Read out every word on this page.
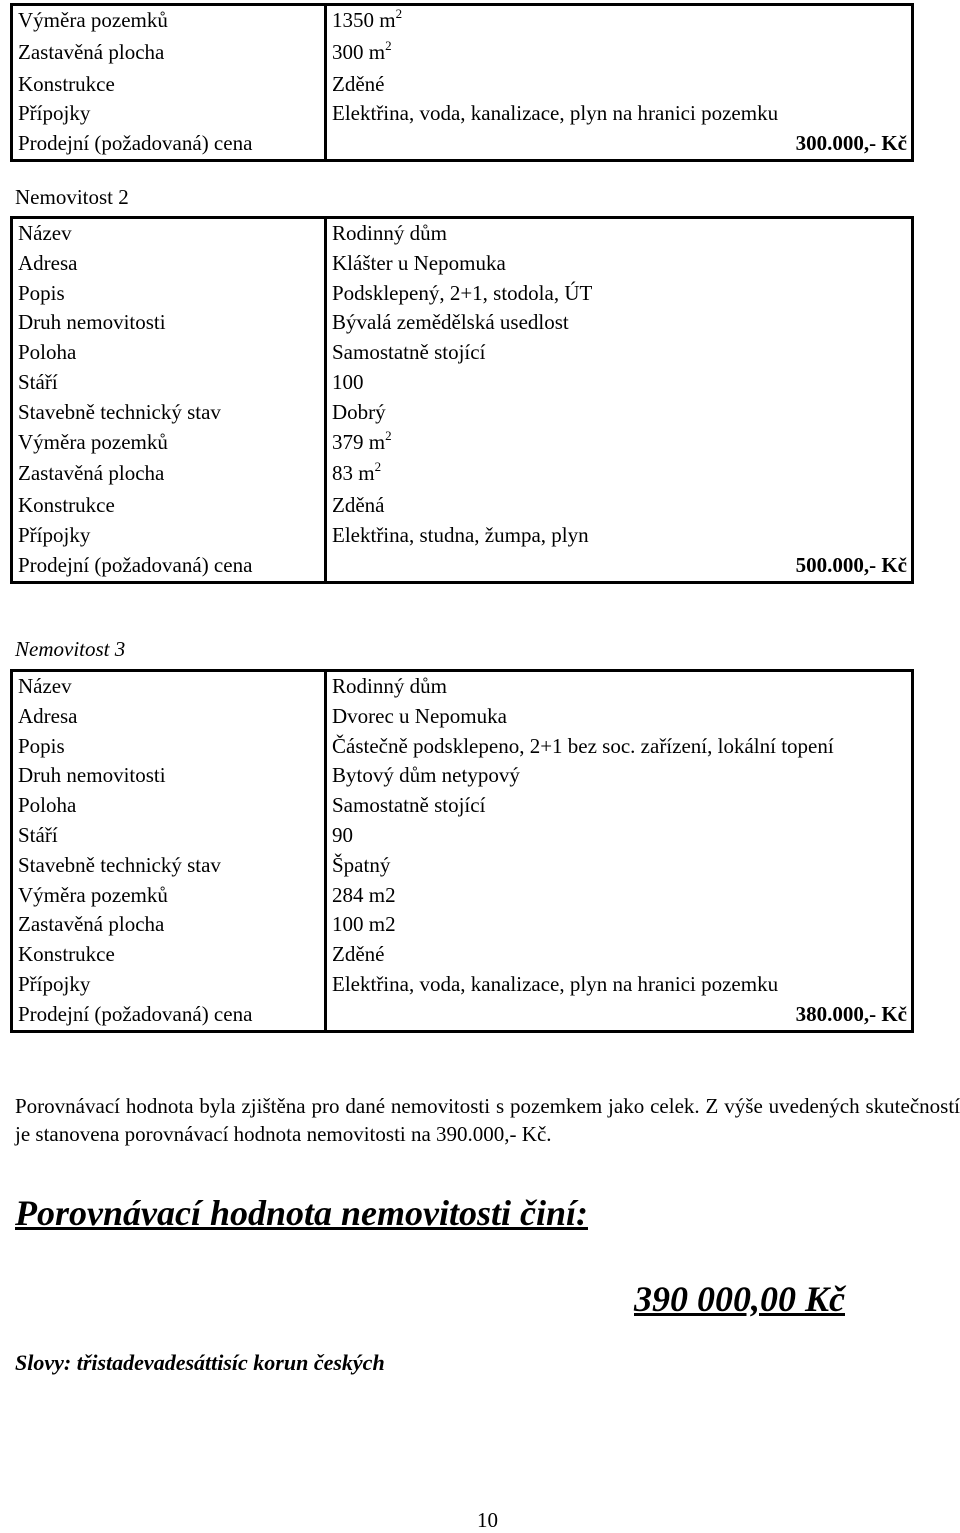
Výměra pozemků	1350 $m^2$
Zastavěná plocha	300 $m^2$
Konstrukce	Zděné
Přípojky	Elektřina, voda, kanalizace, plyn na hranici pozemku
Prodejní (požadovaná) cena	300.000,- Kč
Nemovitost 2
Název	Rodinný dům
Adresa	Klášter u Nepomuka
Popis	Podsklepený, 2+1, stodola, ÚT
Druh nemovitosti	Bývalá zemědělská usedlost
Poloha	Samostatně stojící
Stáří	100
Stavebně technický stav	Dobrý
Výměra pozemků	379 $m^2$
Zastavěná plocha	83 $m^2$
Konstrukce	Zděná
Přípojky	Elektřina, studna, žumpa, plyn
Prodejní (požadovaná) cena	500.000,- Kč
Nemovitost 3
Název	Rodinný dům
Adresa	Dvorec u Nepomuka
Popis	Částečně podsklepeno, 2+1 bez soc. zařízení, lokální topení
Druh nemovitosti	Bytový dům netypový
Poloha	Samostatně stojící
Stáří	90
Stavebně technický stav	Špatný
Výměra pozemků	284 m2
Zastavěná plocha	100 m2
Konstrukce	Zděné
Přípojky	Elektřina, voda, kanalizace, plyn na hranici pozemku
Prodejní (požadovaná) cena	380.000,- Kč
Porovnávací hodnota byla zjištěna pro dané nemovitosti s pozemkem jako celek. Z výše uvedených skutečností je stanovena porovnávací hodnota nemovitosti na 390.000,- Kč.
Porovnávací hodnota nemovitosti činí:
390 000,00 Kč
Slovy: třistadevadesáttisíc korun českých
10
